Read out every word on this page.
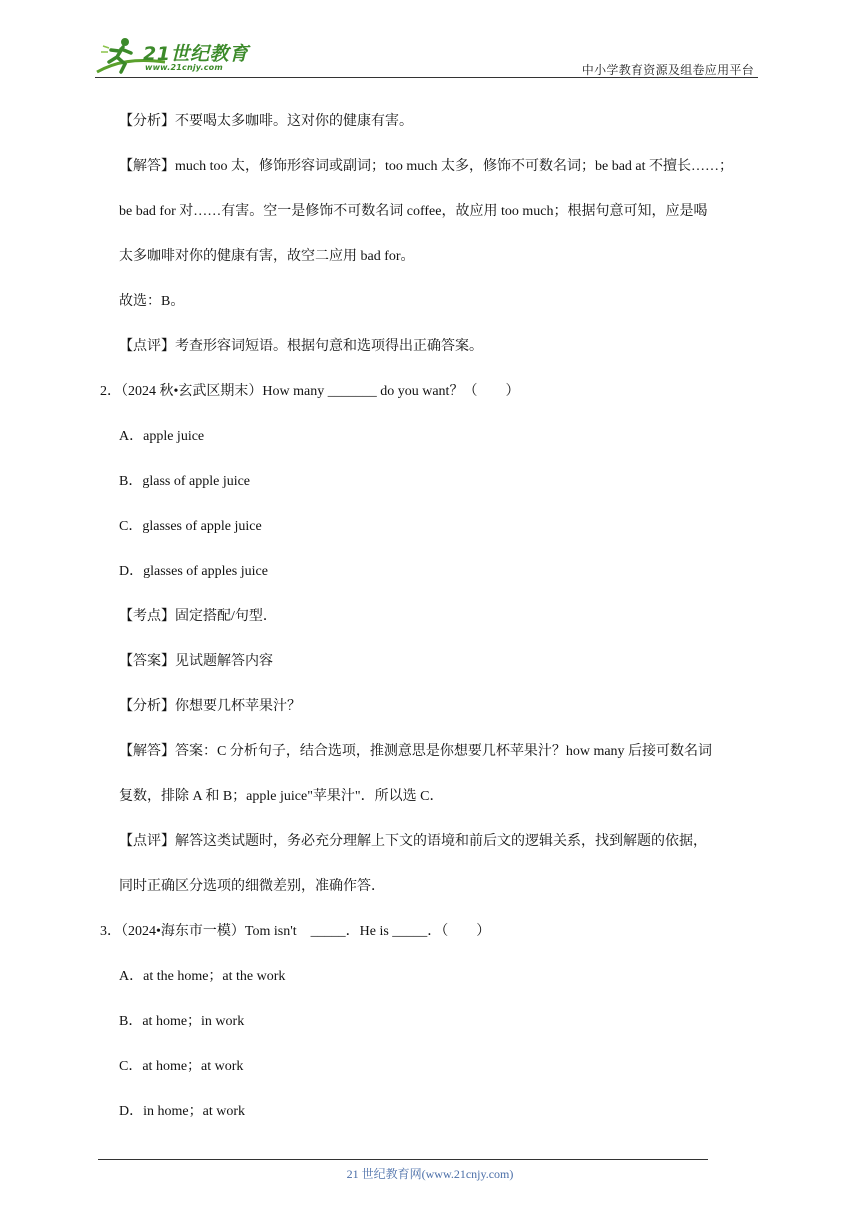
21世纪教育
www.21cnjy.com	中小学教育资源及组卷应用平台
【分析】不要喝太多咖啡。这对你的健康有害。
【解答】much too 太，修饰形容词或副词；too much 太多，修饰不可数名词；be bad at 不擅长……；
be bad for 对……有害。空一是修饰不可数名词 coffee，故应用 too much；根据句意可知，应是喝
太多咖啡对你的健康有害，故空二应用 bad for。
故选：B。
【点评】考查形容词短语。根据句意和选项得出正确答案。
2．（2024 秋•玄武区期末）How many _______ do you want？（　　）
A．apple juice
B．glass of apple juice
C．glasses of apple juice
D．glasses of apples juice
【考点】固定搭配/句型．
【答案】见试题解答内容
【分析】你想要几杯苹果汁？
【解答】答案：C 分析句子，结合选项，推测意思是你想要几杯苹果汁？how many 后接可数名词
复数，排除 A 和 B；apple juice"苹果汁"．所以选 C．
【点评】解答这类试题时，务必充分理解上下文的语境和前后文的逻辑关系，找到解题的依据，
同时正确区分选项的细微差别，准确作答．
3．（2024•海东市一模）Tom isn't　_____．He is _____．（　　）
A．at the home；at the work
B．at home；in work
C．at home；at work
D．in home；at work
21 世纪教育网(www.21cnjy.com)
